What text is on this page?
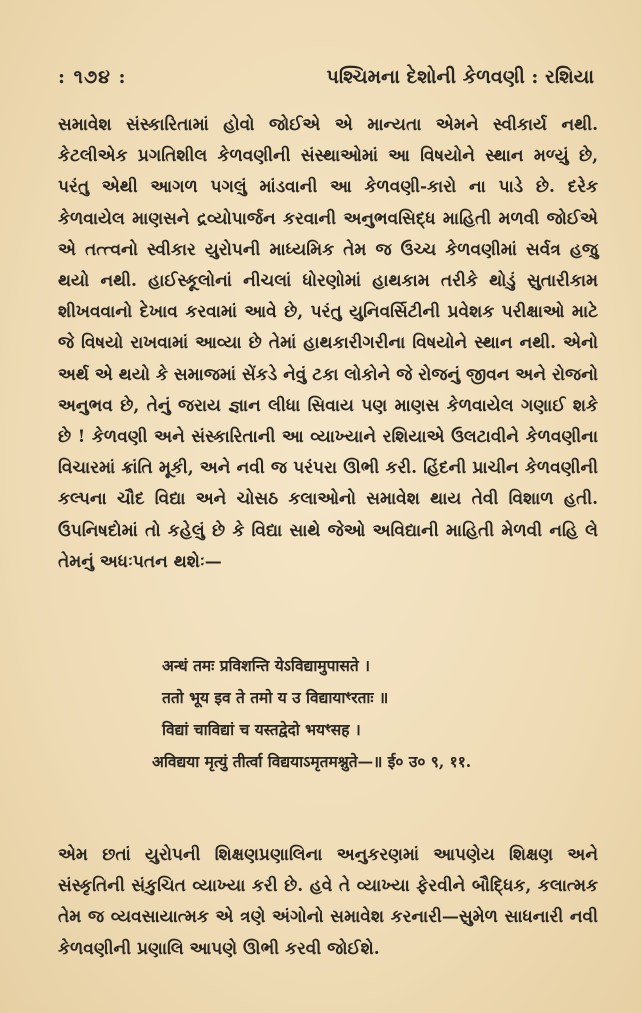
: ૧૭૪ :	પશ્ચિમના દેશોની કેળવણી : રશિયા
સમાવેશ સંસ્કારિતામાં હોવો જોઈએ એ માન્યતા એમને સ્વીકાર્ય નથી. કેટલીએક પ્રગતિશીલ કેળવણીની સંસ્થાઓમાં આ વિષયોને સ્થાન મળ્યું છે, પરંતુ એથી આગળ પગલું માંડવાની આ કેળવણી-કારો ના પાડે છે. દરેક કેળવાયેલ માણસને દ્રવ્યોપાર્જન કરવાની અનુભવસિદ્ધ માહિતી મળવી જોઈએ એ તત્ત્વનો સ્વીકાર યુરોપની માધ્યમિક તેમ જ ઉચ્ચ કેળવણીમાં સર્વત્ર હજુ થયો નથી. હાઈસ્કૂલોનાં નીચલાં ધોરણોમાં હાથકામ તરીકે થોડું સુતારીકામ શીખવવાનો દેખાવ કરવામાં આવે છે, પરંતુ યુનિવર્સિટીની પ્રવેશક પરીક્ષાઓ માટે જે વિષયો રાખવામાં આવ્યા છે તેમાં હાથકારીગરીના વિષયોને સ્થાન નથી. એનો અર્થ એ થયો કે સમાજમાં સેંકડે નેવું ટકા લોકોને જે રોજનું જીવન અને રોજનો અનુભવ છે, તેનું જરાય જ્ઞાન લીધા સિવાય પણ માણસ કેળવાયેલ ગણાઈ શકે છે ! કેળવણી અને સંસ્કારિતાની આ વ્યાખ્યાને રશિયાએ ઉલટાવીને કેળવણીના વિચારમાં ક્રાંતિ મૂકી, અને નવી જ પરંપરા ઊભી કરી. હિંદની પ્રાચીન કેળવણીની કલ્પના ચૌદ વિદ્યા અને ચોસઠ કલાઓનો સમાવેશ થાય તેવી વિશાળ હતી. ઉપનિષદોમાં તો કહેલું છે કે વિદ્યા સાથે જેઓ અવિદ્યાની માહિતી મેળવી નહિ લે તેમનું અધઃપતન થશેઃ—
अन्धं तमः प्रविशन्ति येऽविद्यामुपासते ।
ततो भूय इव ते तमो य उ विद्यायाꣳरताः ॥
विद्यां चाविद्यां च यस्तद्वेदो भयꣳसह ।
अविद्यया मृत्युं तीर्त्वा विद्ययाऽमृतमश्नुते—॥ ई० उ० ९, ११.
એમ છતાં યુરોપની શિક્ષણપ્રણાલિના અનુકરણમાં આપણેય શિક્ષણ અને સંસ્કૃતિની સંકુચિત વ્યાખ્યા કરી છે. હવે તે વ્યાખ્યા ફેરવીને બૌદ્ધિક, કલાત્મક તેમ જ વ્યવસાયાત્મક એ ત્રણે અંગોનો સમાવેશ કરનારી—સુમેળ સાધનારી નવી કેળવણીની પ્રણાલિ આપણે ઊભી કરવી જોઈશે.
